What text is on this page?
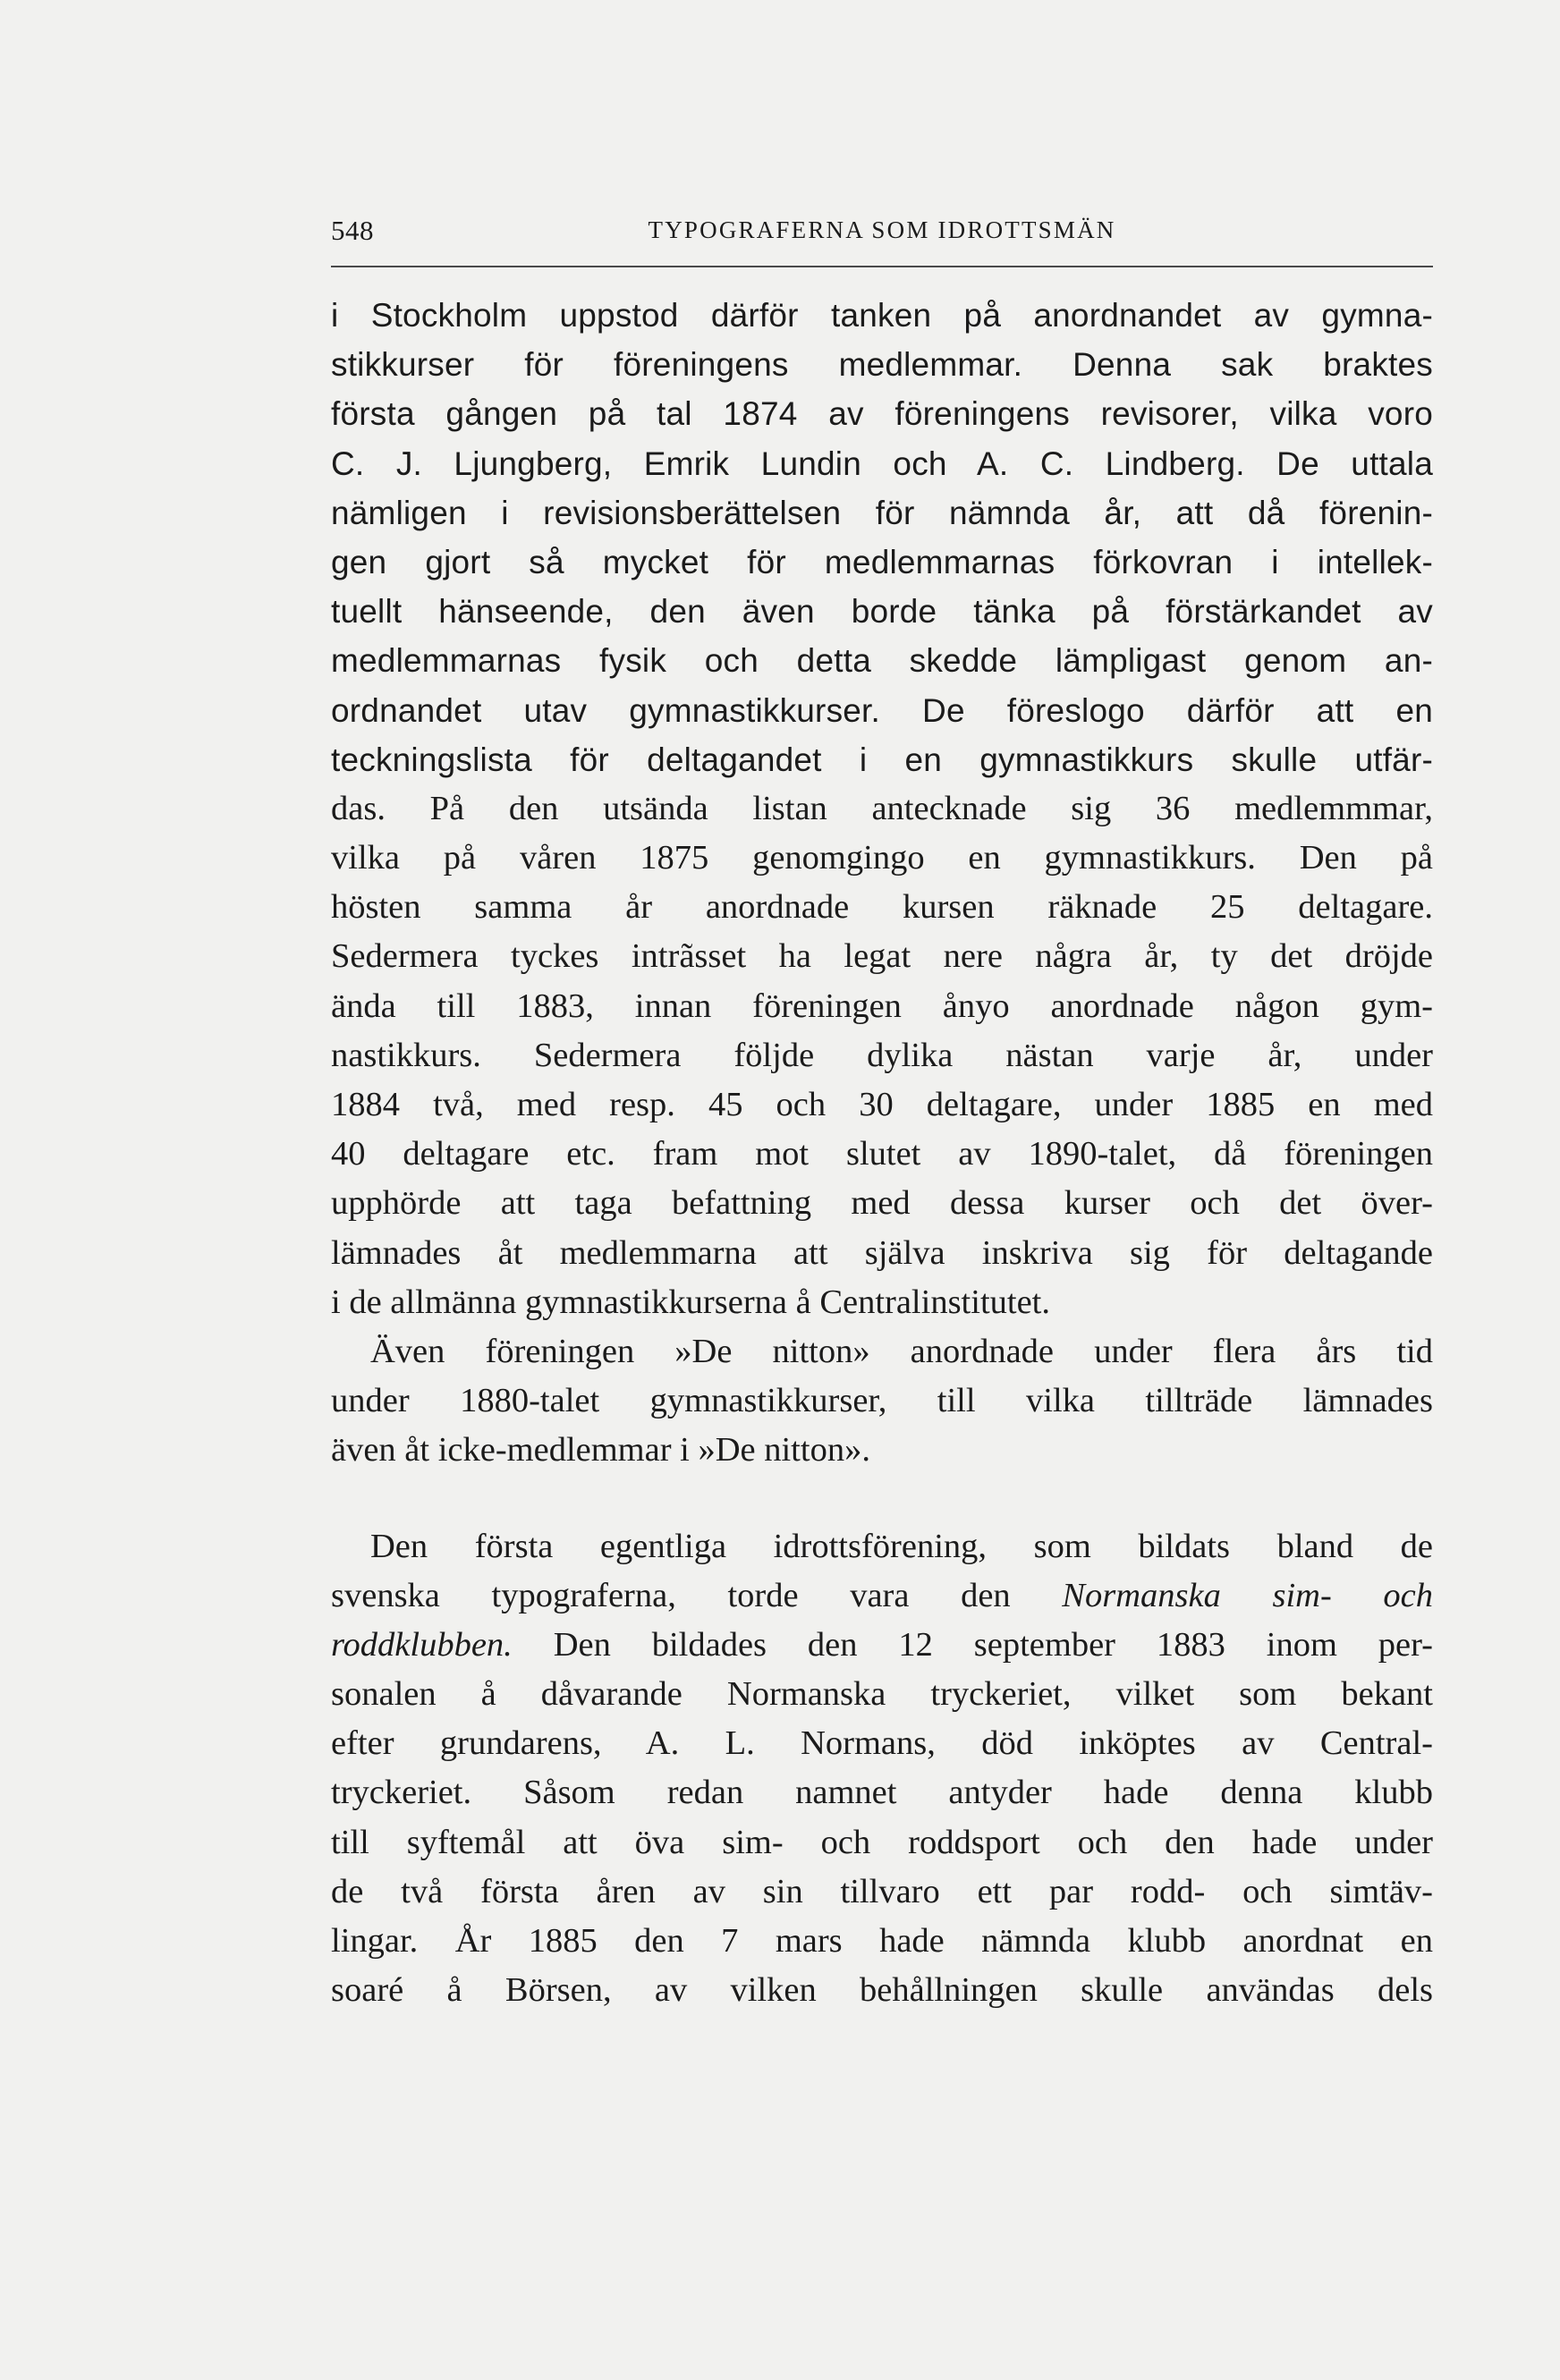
548	TYPOGRAFERNA SOM IDROTTSMÄN
i Stockholm uppstod därför tanken på anordnandet av gymna-
stikkurser för föreningens medlemmar. Denna sak braktes
första gången på tal 1874 av föreningens revisorer, vilka voro
C. J. Ljungberg, Emrik Lundin och A. C. Lindberg. De uttala
nämligen i revisionsberättelsen för nämnda år, att då förenin-
gen gjort så mycket för medlemmarnas förkovran i intellek-
tuellt hänseende, den även borde tänka på förstärkandet av
medlemmarnas fysik och detta skedde lämpligast genom an-
ordnandet utav gymnastikkurser. De föreslogo därför att en
teckningslista för deltagandet i en gymnastikkurs skulle utfär-
das. På den utsända listan antecknade sig 36 medlemmmar,
vilka på våren 1875 genomgingo en gymnastikkurs. Den på
hösten samma år anordnade kursen räknade 25 deltagare.
Sedermera tyckes intrãsset ha legat nere några år, ty det dröjde
ända till 1883, innan föreningen ånyo anordnade någon gym-
nastikkurs. Sedermera följde dylika nästan varje år, under
1884 två, med resp. 45 och 30 deltagare, under 1885 en med
40 deltagare etc. fram mot slutet av 1890-talet, då föreningen
upphörde att taga befattning med dessa kurser och det över-
lämnades åt medlemmarna att själva inskriva sig för deltagande
i de allmänna gymnastikkurserna å Centralinstitutet.
Även föreningen »De nitton» anordnade under flera års tid
under 1880-talet gymnastikkurser, till vilka tillträde lämnades
även åt icke-medlemmar i »De nitton».
Den första egentliga idrottsförening, som bildats bland de
svenska typograferna, torde vara den Normanska sim- och
roddklubben. Den bildades den 12 september 1883 inom per-
sonalen å dåvarande Normanska tryckeriet, vilket som bekant
efter grundarens, A. L. Normans, död inköptes av Central-
tryckeriet. Såsom redan namnet antyder hade denna klubb
till syftemål att öva sim- och roddsport och den hade under
de två första åren av sin tillvaro ett par rodd- och simtäv-
lingar. År 1885 den 7 mars hade nämnda klubb anordnat en
soaré å Börsen, av vilken behållningen skulle användas dels
